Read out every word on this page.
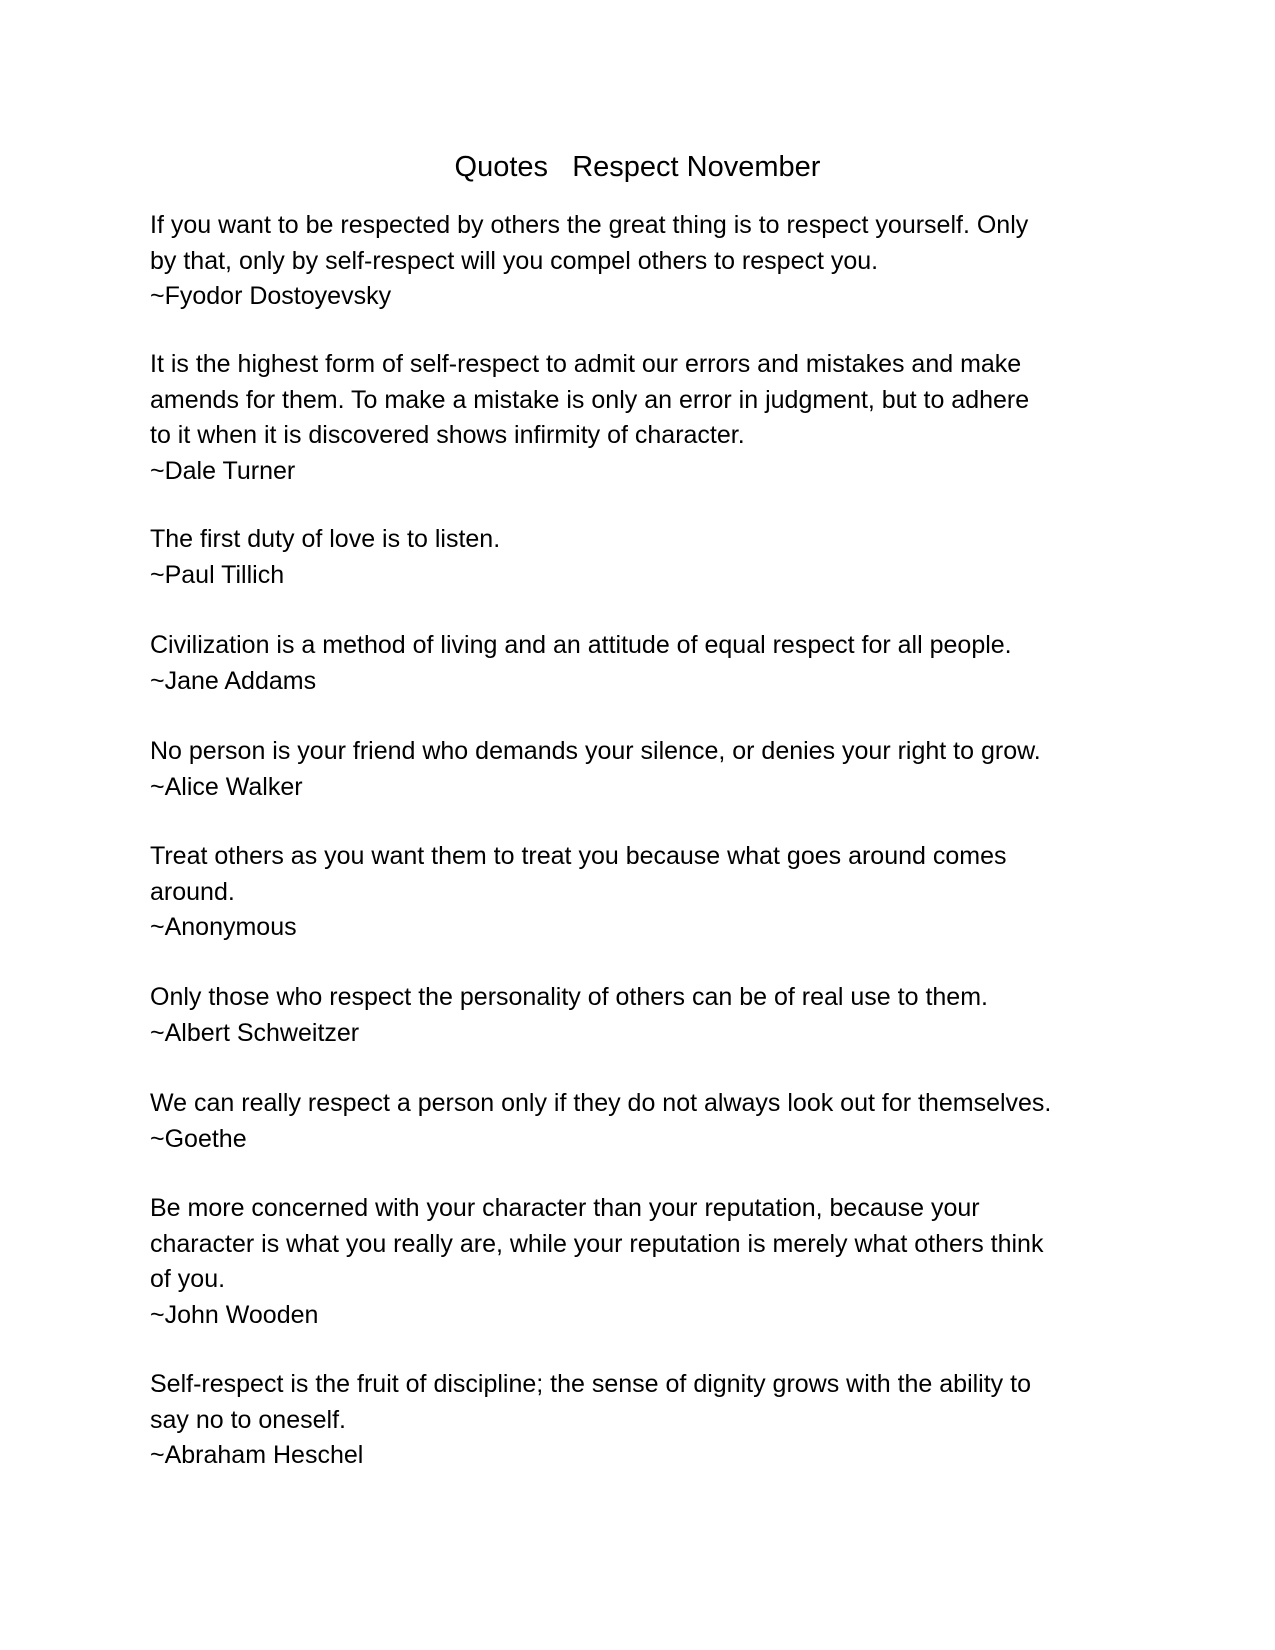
Quotes   Respect November
If you want to be respected by others the great thing is to respect yourself. Only
by that, only by self-respect will you compel others to respect you.
~Fyodor Dostoyevsky
It is the highest form of self-respect to admit our errors and mistakes and make
amends for them. To make a mistake is only an error in judgment, but to adhere
to it when it is discovered shows infirmity of character.
~Dale Turner
The first duty of love is to listen.
~Paul Tillich
Civilization is a method of living and an attitude of equal respect for all people.
~Jane Addams
No person is your friend who demands your silence, or denies your right to grow.
~Alice Walker
Treat others as you want them to treat you because what goes around comes
around.
~Anonymous
Only those who respect the personality of others can be of real use to them.
~Albert Schweitzer
We can really respect a person only if they do not always look out for themselves.
~Goethe
Be more concerned with your character than your reputation, because your
character is what you really are, while your reputation is merely what others think
of you.
~John Wooden
Self-respect is the fruit of discipline; the sense of dignity grows with the ability to
say no to oneself.
~Abraham Heschel
